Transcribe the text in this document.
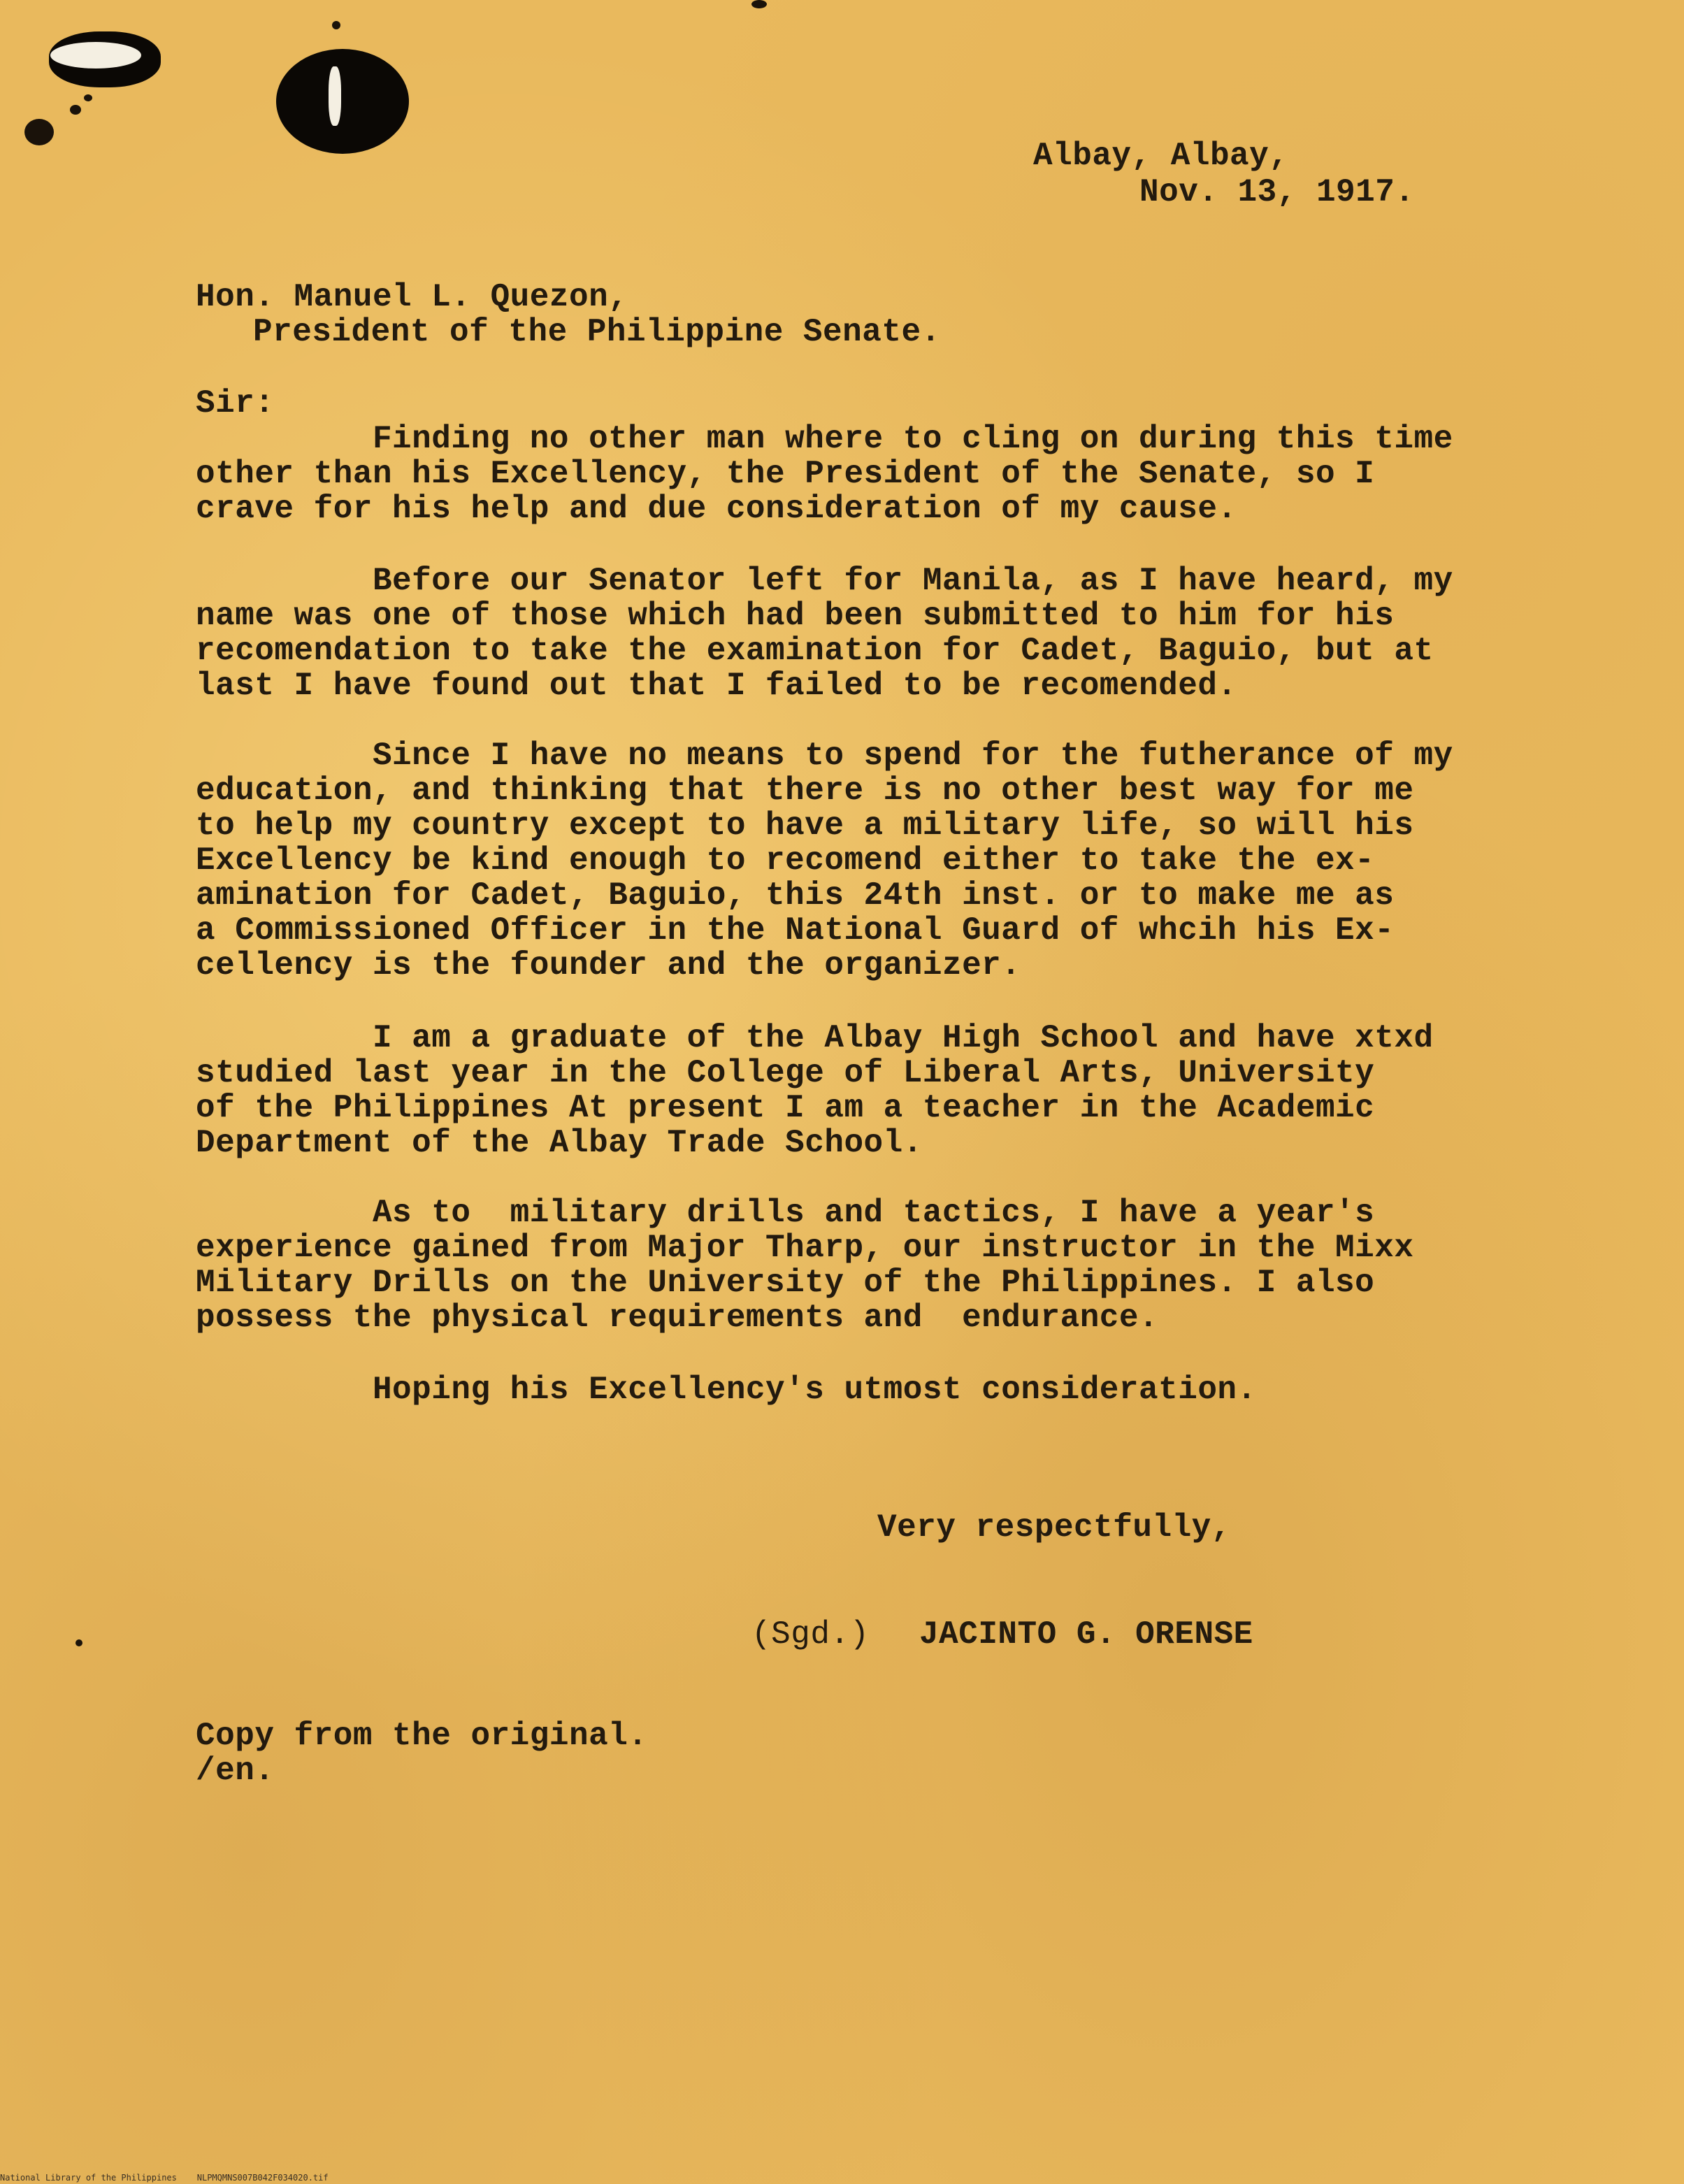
Albay, Albay,
Nov. 13, 1917.
Hon. Manuel L. Quezon,
President of the Philippine Senate.
Sir:
Finding no other man where to cling on during this time
other than his Excellency, the President of the Senate, so I
crave for his help and due consideration of my cause.
Before our Senator left for Manila, as I have heard, my
name was one of those which had been submitted to him for his
recomendation to take the examination for Cadet, Baguio, but at
last I have found out that I failed to be recomended.
Since I have no means to spend for the futherance of my
education, and thinking that there is no other best way for me
to help my country except to have a military life, so will his
Excellency be kind enough to recomend either to take the ex-
amination for Cadet, Baguio, this 24th inst. or to make me as
a Commissioned Officer in the National Guard of whcih his Ex-
cellency is the founder and the organizer.
I am a graduate of the Albay High School and have xtxd
studied last year in the College of Liberal Arts, University
of the Philippines At present I am a teacher in the Academic
Department of the Albay Trade School.
As to  military drills and tactics, I have a year's
experience gained from Major Tharp, our instructor in the Mixx
Military Drills on the University of the Philippines. I also
possess the physical requirements and  endurance.
Hoping his Excellency's utmost consideration.
Very respectfully,
(Sgd.) JACINTO G. ORENSE
Copy from the original.
/en.
National Library of the Philippines    NLPMQMNS007B042F034020.tif
